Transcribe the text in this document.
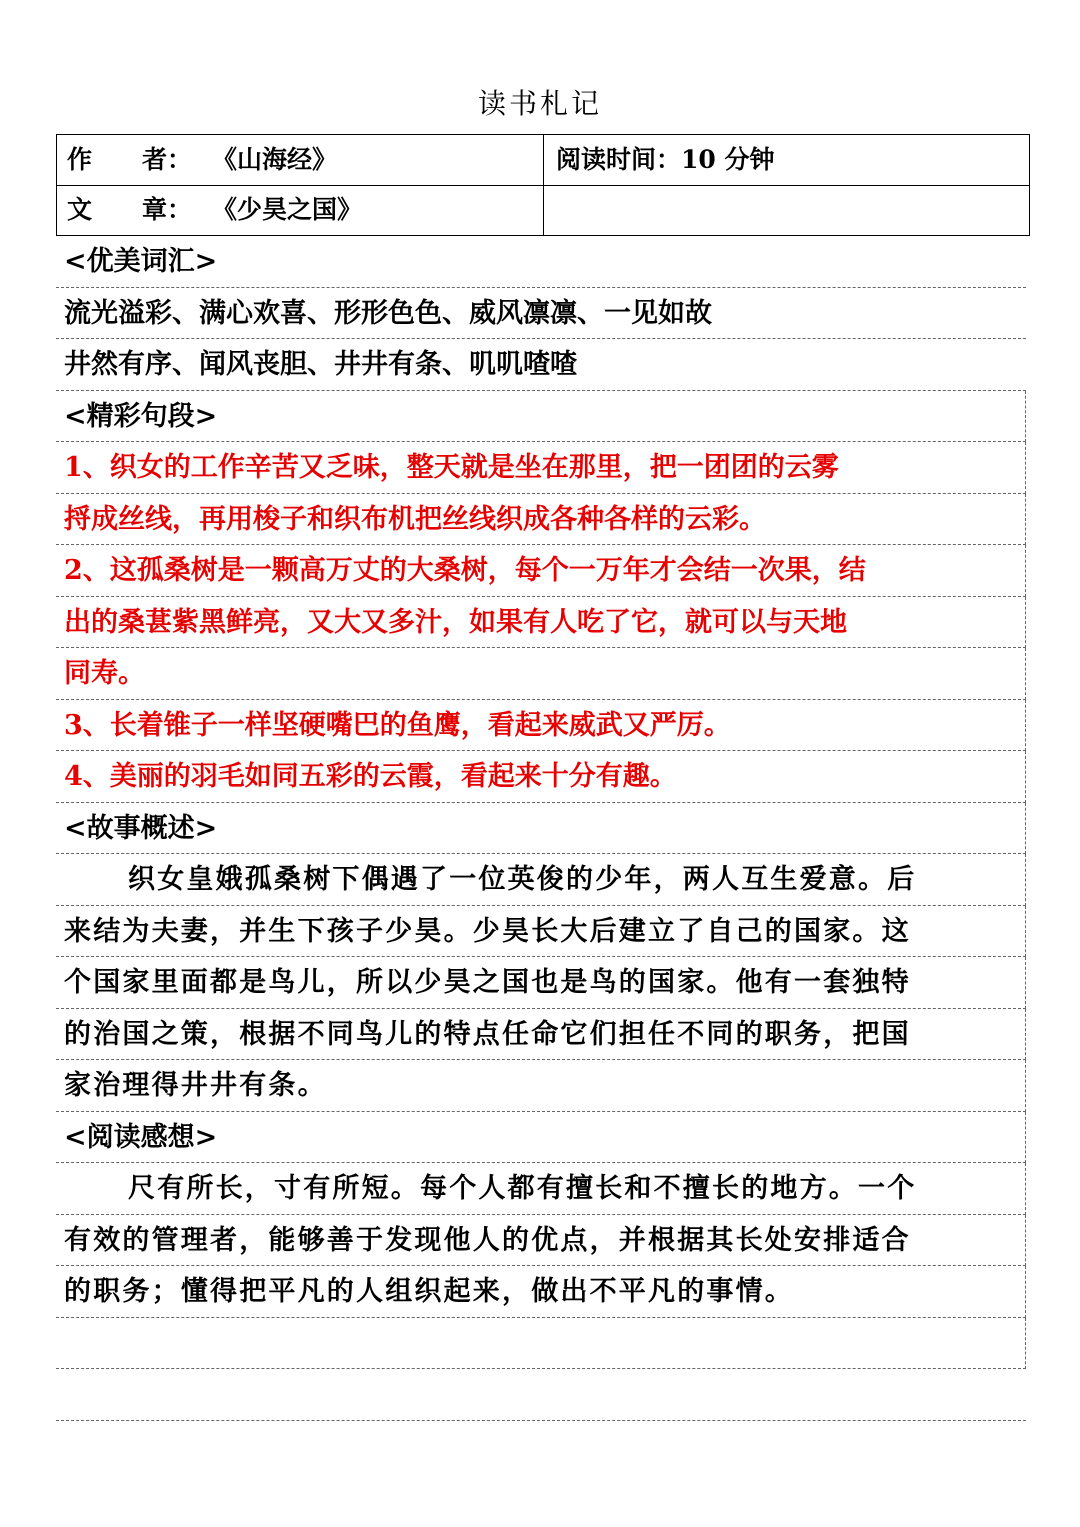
读书札记
作　　者： 《山海经》	阅读时间：10 分钟
文　　章： 《少昊之国》
<优美词汇>
流光溢彩、满心欢喜、形形色色、威风凛凛、一见如故
井然有序、闻风丧胆、井井有条、叽叽喳喳
<精彩句段>
1、织女的工作辛苦又乏味，整天就是坐在那里，把一团团的云雾
捋成丝线，再用梭子和织布机把丝线织成各种各样的云彩。
2、这孤桑树是一颗高万丈的大桑树，每个一万年才会结一次果，结
出的桑葚紫黑鲜亮，又大又多汁，如果有人吃了它，就可以与天地
同寿。
3、长着锥子一样坚硬嘴巴的鱼鹰，看起来威武又严厉。
4、美丽的羽毛如同五彩的云霞，看起来十分有趣。
<故事概述>
织女皇娥孤桑树下偶遇了一位英俊的少年，两人互生爱意。后
来结为夫妻，并生下孩子少昊。少昊长大后建立了自己的国家。这
个国家里面都是鸟儿，所以少昊之国也是鸟的国家。他有一套独特
的治国之策，根据不同鸟儿的特点任命它们担任不同的职务，把国
家治理得井井有条。
<阅读感想>
尺有所长，寸有所短。每个人都有擅长和不擅长的地方。一个
有效的管理者，能够善于发现他人的优点，并根据其长处安排适合
的职务；懂得把平凡的人组织起来，做出不平凡的事情。
